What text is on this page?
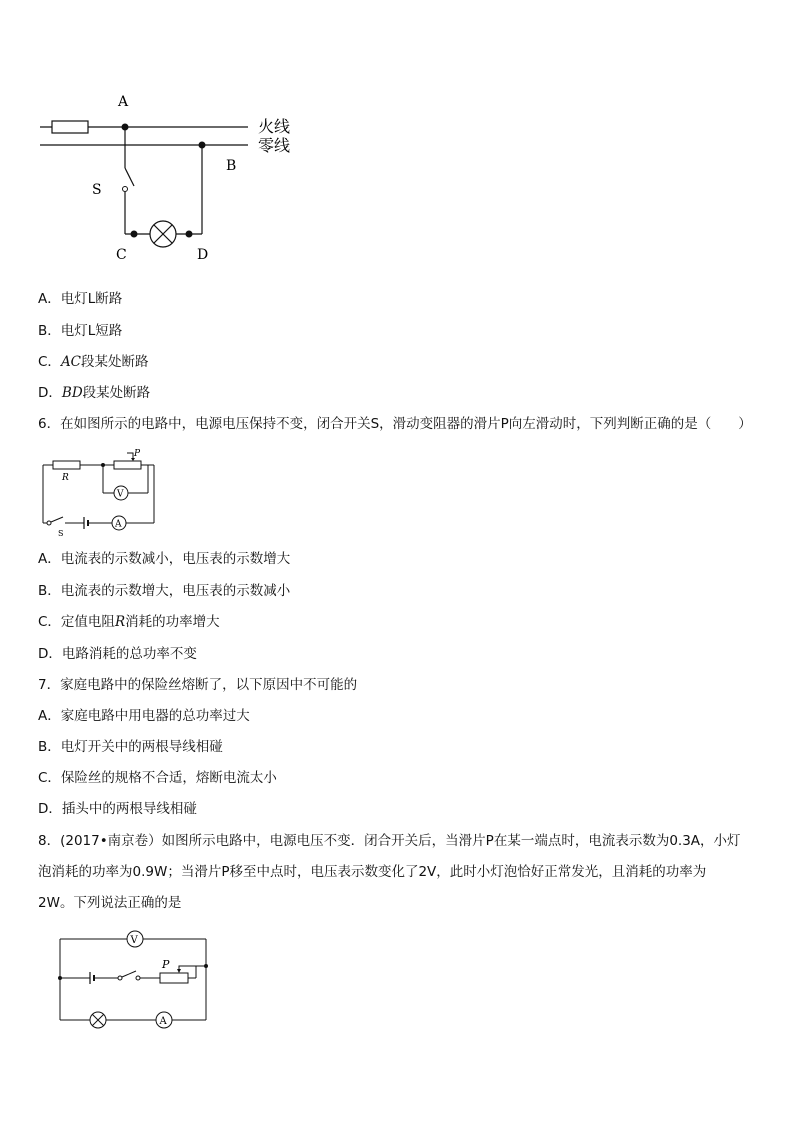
A
B
S
C	D
火线
零线
A．电灯L断路
B．电灯L短路
C．AC段某处断路
D．BD段某处断路
6．在如图所示的电路中，电源电压保持不变，闭合开关S，滑动变阻器的滑片P向左滑动时，下列判断正确的是（　　）
P
R
V
A
S
A．电流表的示数减小，电压表的示数增大
B．电流表的示数增大，电压表的示数减小
C．定值电阻R消耗的功率增大
D．电路消耗的总功率不变
7．家庭电路中的保险丝熔断了，以下原因中不可能的
A．家庭电路中用电器的总功率过大
B．电灯开关中的两根导线相碰
C．保险丝的规格不合适，熔断电流太小
D．插头中的两根导线相碰
8．(2017•南京卷）如图所示电路中，电源电压不变．闭合开关后，当滑片P在某一端点时，电流表示数为0.3A，小灯
泡消耗的功率为0.9W；当滑片P移至中点时，电压表示数变化了2V，此时小灯泡恰好正常发光，且消耗的功率为
2W。下列说法正确的是
V
P
A
